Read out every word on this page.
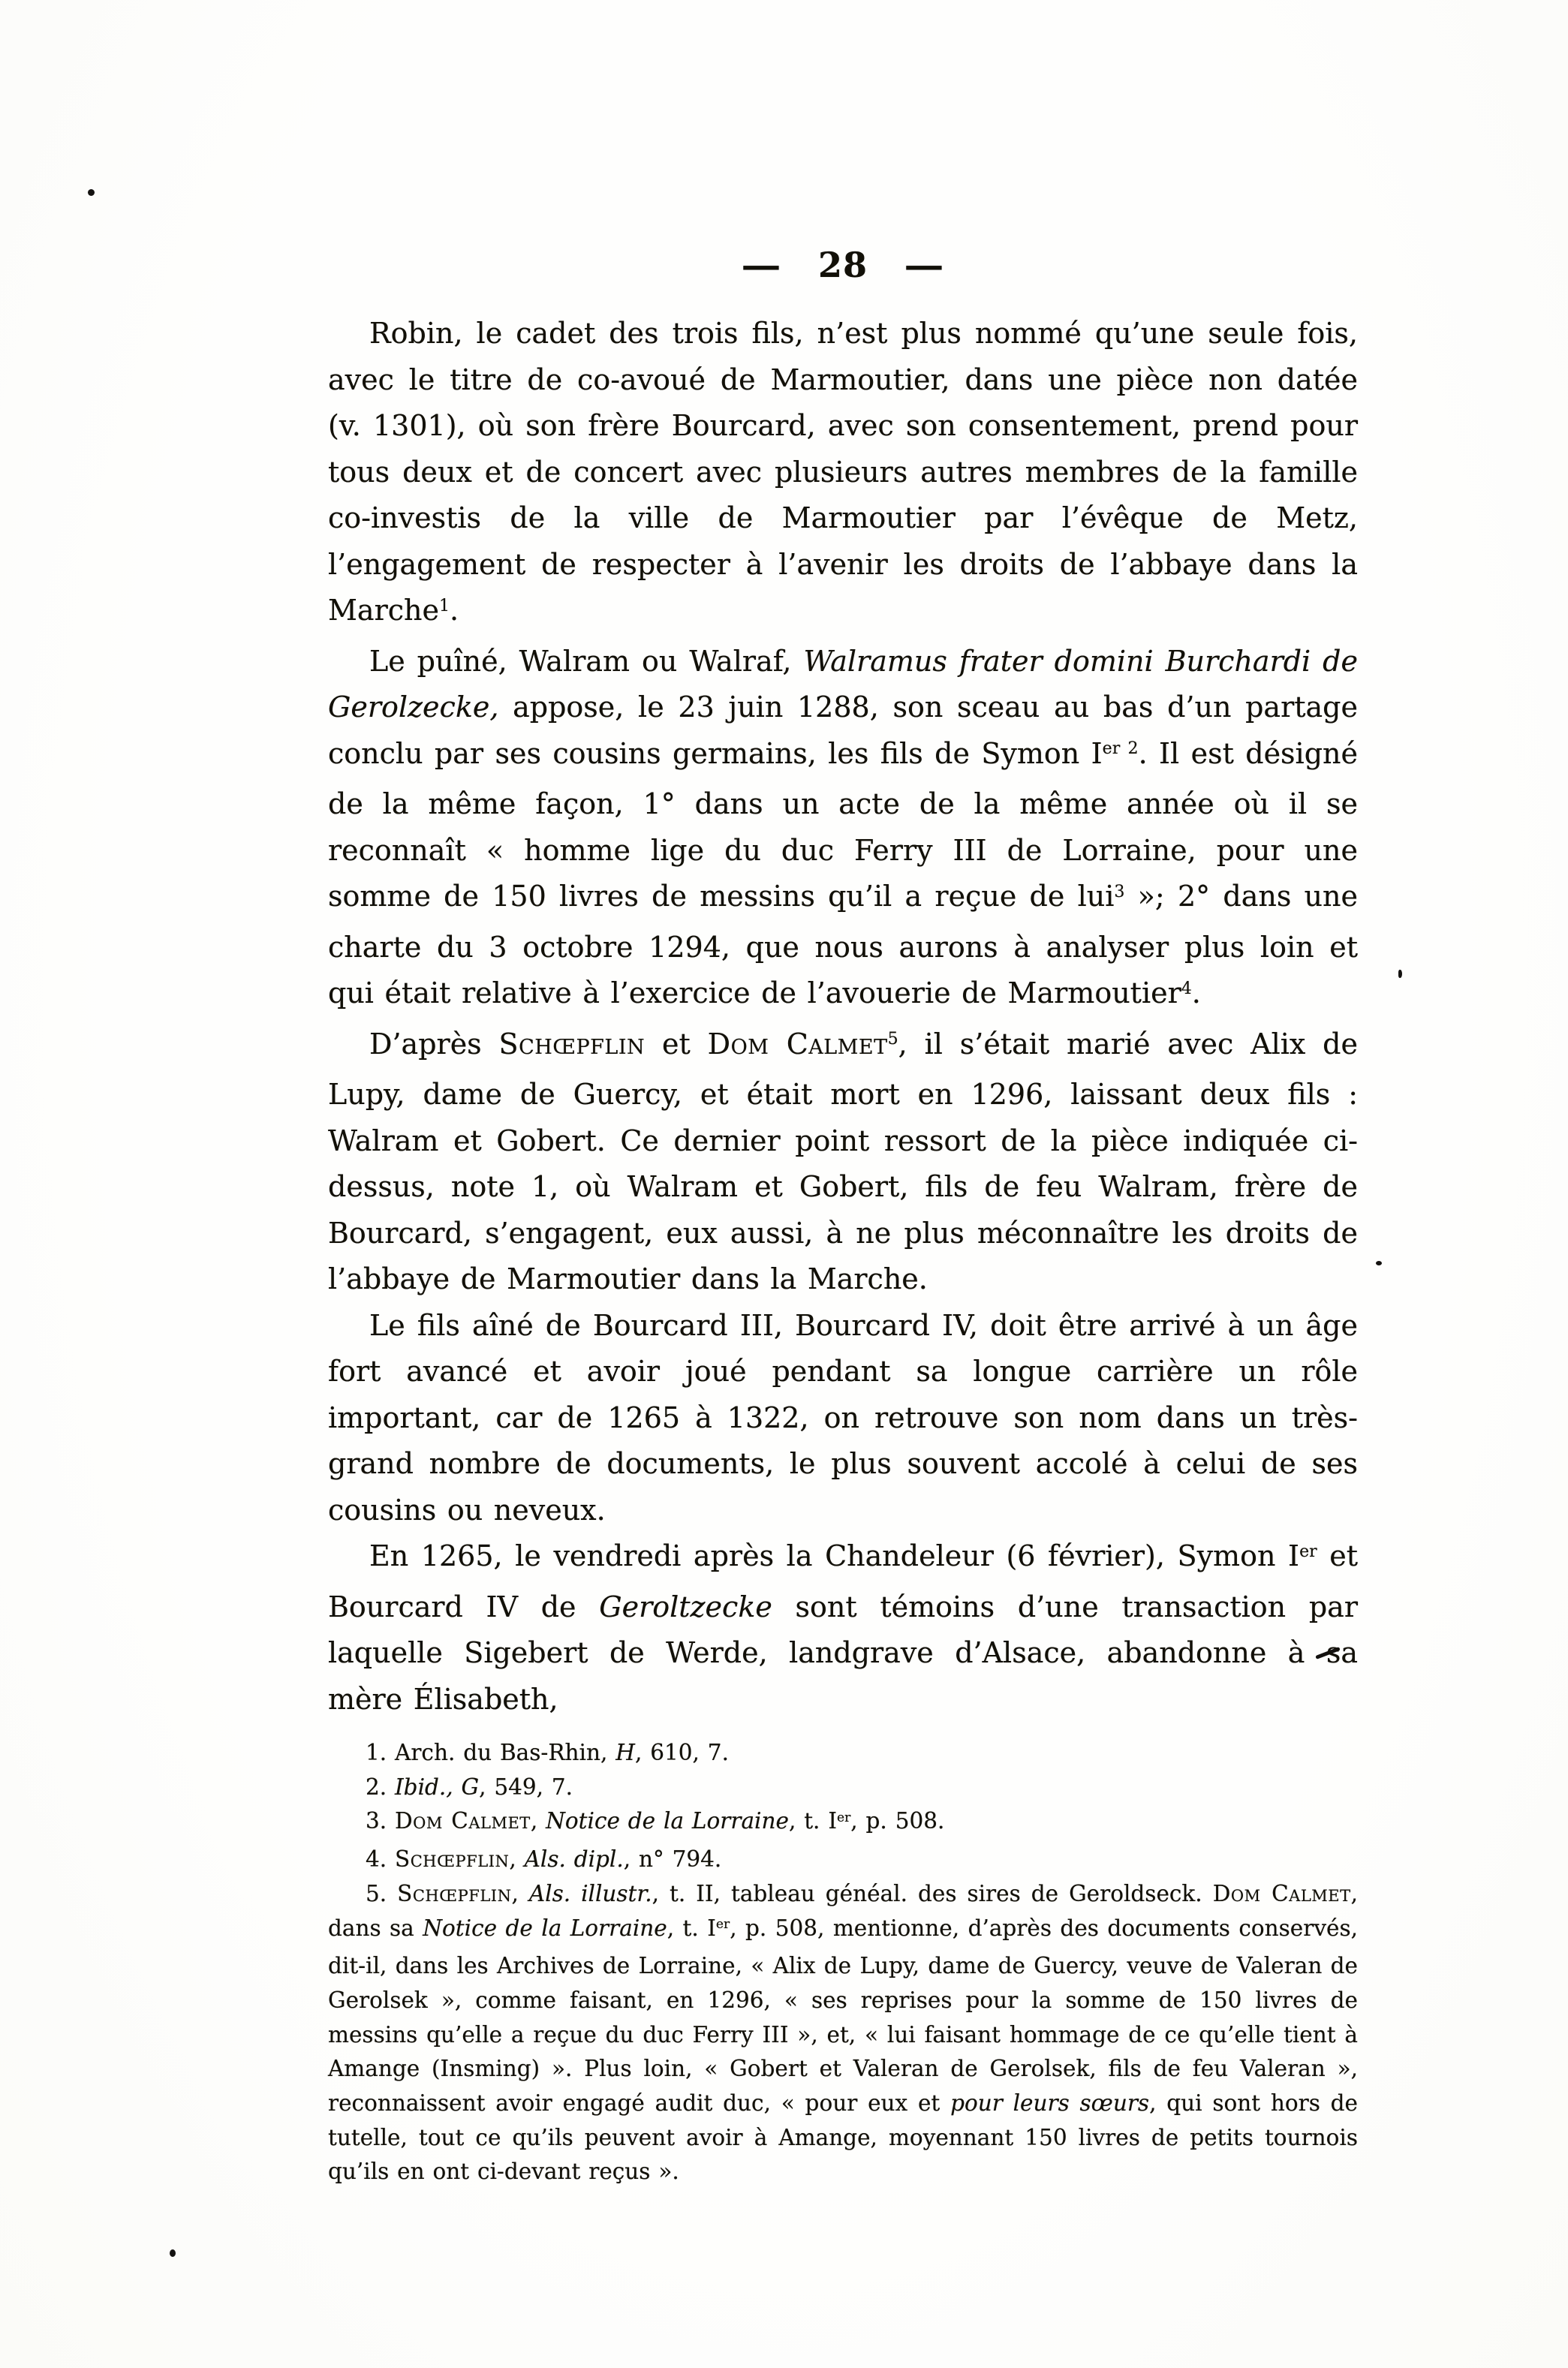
— 28 —

Robin, le cadet des trois fils, n’est plus nommé qu’une seule fois, avec le titre de co-avoué de Marmoutier, dans une pièce non datée (v. 1301), où son frère Bourcard, avec son consentement, prend pour tous deux et de concert avec plusieurs autres membres de la famille co-investis de la ville de Marmoutier par l’évêque de Metz, l’engagement de respecter à l’avenir les droits de l’abbaye dans la Marche$^1$.

Le puîné, Walram ou Walraf, Walramus frater domini Burchardi de Gerolzecke, appose, le 23 juin 1288, son sceau au bas d’un partage conclu par ses cousins germains, les fils de Symon $I^{er 2}$. Il est désigné de la même façon, 1° dans un acte de la même année où il se reconnaît « homme lige du duc Ferry III de Lorraine, pour une somme de 150 livres de messins qu’il a reçue de lui$^3$ »; 2° dans une charte du 3 octobre 1294, que nous aurons à analyser plus loin et qui était relative à l’exercice de l’avouerie de Marmoutier$^4$.

D’après Schœpflin et Dom Calmet$^5$, il s’était marié avec Alix de Lupy, dame de Guercy, et était mort en 1296, laissant deux fils : Walram et Gobert. Ce dernier point ressort de la pièce indiquée ci-dessus, note 1, où Walram et Gobert, fils de feu Walram, frère de Bourcard, s’engagent, eux aussi, à ne plus méconnaître les droits de l’abbaye de Marmoutier dans la Marche.

Le fils aîné de Bourcard III, Bourcard IV, doit être arrivé à un âge fort avancé et avoir joué pendant sa longue carrière un rôle important, car de 1265 à 1322, on retrouve son nom dans un très-grand nombre de documents, le plus souvent accolé à celui de ses cousins ou neveux.

En 1265, le vendredi après la Chandeleur (6 février), Symon Ier et Bourcard IV de Geroltzecke sont témoins d’une transaction par laquelle Sigebert de Werde, landgrave d’Alsace, abandonne à sa mère Élisabeth,

1. Arch. du Bas-Rhin, H, 610, 7.

2. Ibid., G, 549, 7.

3. Dom Calmet, Notice de la Lorraine, t. Ier, p. 508.

4. Schœpflin, Als. dipl., n° 794.

5. Schœpflin, Als. illustr., t. II, tableau généal. des sires de Geroldseck. Dom Calmet, dans sa Notice de la Lorraine, t. Ier, p. 508, mentionne, d’après des documents conservés, dit-il, dans les Archives de Lorraine, « Alix de Lupy, dame de Guercy, veuve de Valeran de Gerolsek », comme faisant, en 1296, « ses reprises pour la somme de 150 livres de messins qu’elle a reçue du duc Ferry III », et, « lui faisant hommage de ce qu’elle tient à Amange (Insming) ». Plus loin, « Gobert et Valeran de Gerolsek, fils de feu Valeran », reconnaissent avoir engagé audit duc, « pour eux et pour leurs sœurs, qui sont hors de tutelle, tout ce qu’ils peuvent avoir à Amange, moyennant 150 livres de petits tournois qu’ils en ont ci-devant reçus ».
